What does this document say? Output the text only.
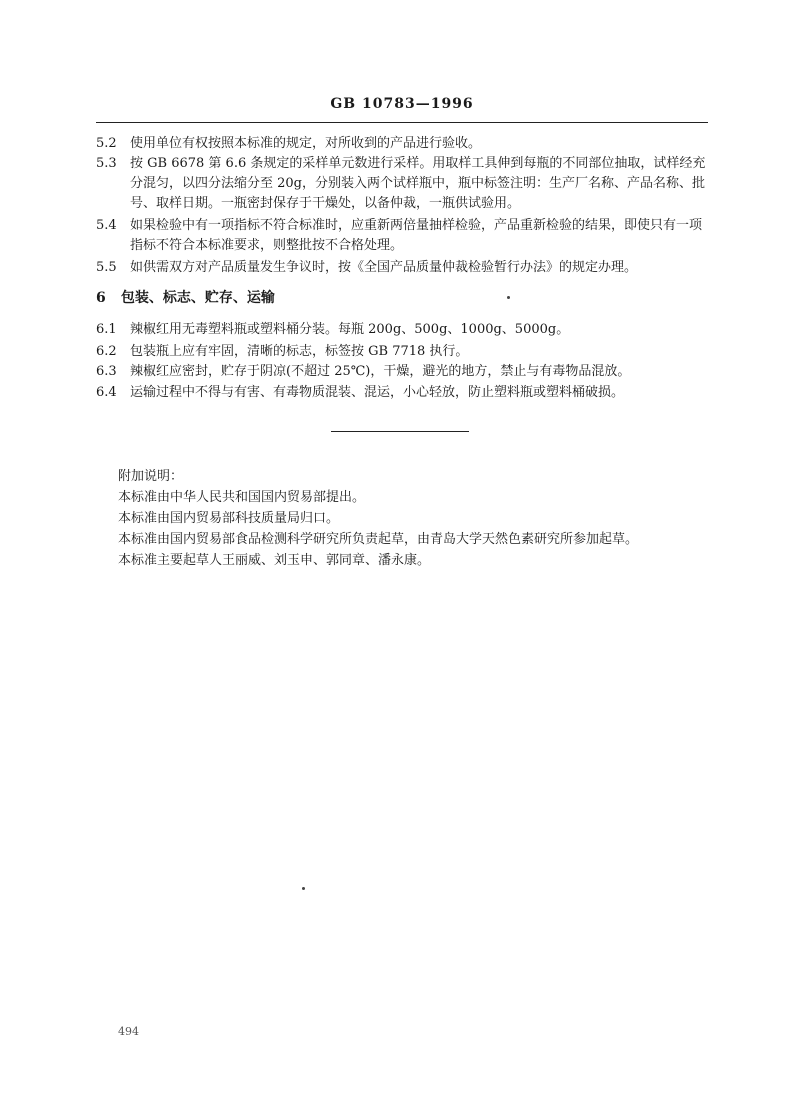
GB 10783—1996
5.2	使用单位有权按照本标准的规定，对所收到的产品进行验收。
5.3	按 GB 6678 第 6.6 条规定的采样单元数进行采样。用取样工具伸到每瓶的不同部位抽取，试样经充分混匀，以四分法缩分至 20g，分别装入两个试样瓶中，瓶中标签注明：生产厂名称、产品名称、批号、取样日期。一瓶密封保存于干燥处，以备仲裁，一瓶供试验用。
5.4	如果检验中有一项指标不符合标准时，应重新两倍量抽样检验，产品重新检验的结果，即使只有一项指标不符合本标准要求，则整批按不合格处理。
5.5	如供需双方对产品质量发生争议时，按《全国产品质量仲裁检验暂行办法》的规定办理。
6 包装、标志、贮存、运输
6.1	辣椒红用无毒塑料瓶或塑料桶分装。每瓶 200g、500g、1000g、5000g。
6.2	包装瓶上应有牢固，清晰的标志，标签按 GB 7718 执行。
6.3	辣椒红应密封，贮存于阴凉(不超过 25℃)，干燥，避光的地方，禁止与有毒物品混放。
6.4	运输过程中不得与有害、有毒物质混装、混运，小心轻放，防止塑料瓶或塑料桶破损。
附加说明：
本标准由中华人民共和国国内贸易部提出。
本标准由国内贸易部科技质量局归口。
本标准由国内贸易部食品检测科学研究所负责起草，由青岛大学天然色素研究所参加起草。
本标准主要起草人王丽威、刘玉申、郭同章、潘永康。
494
